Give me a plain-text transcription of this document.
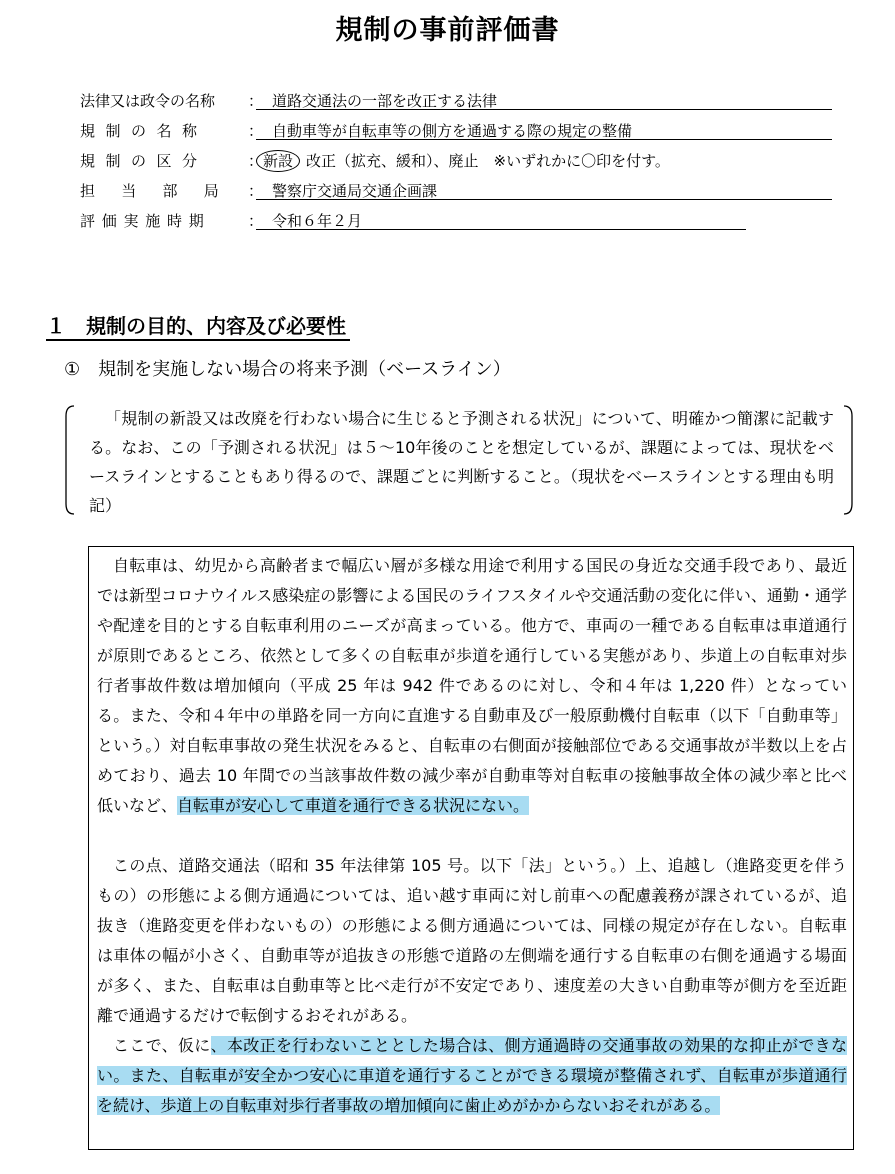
規制の事前評価書
法律又は政令の名称 ： 道路交通法の一部を改正する法律
規制の名称	： 自動車等が自転車等の側方を通過する際の規定の整備
規制の区分	： 新設 改正（拡充、緩和）、廃止　※いずれかに〇印を付す。
担当部局 ： 警察庁交通局交通企画課
評価実施時期 ： 令和６年２月
１　規制の目的、内容及び必要性
①　規制を実施しない場合の将来予測（ベースライン）
「規制の新設又は改廃を行わない場合に生じると予測される状況」について、明確かつ簡潔に記載する。なお、この「予測される状況」は５～10年後のことを想定しているが、課題によっては、現状をベースラインとすることもあり得るので、課題ごとに判断すること。（現状をベースラインとする理由も明記）

自転車は、幼児から高齢者まで幅広い層が多様な用途で利用する国民の身近な交通手段であり、最近では新型コロナウイルス感染症の影響による国民のライフスタイルや交通活動の変化に伴い、通勤・通学や配達を目的とする自転車利用のニーズが高まっている。他方で、車両の一種である自転車は車道通行が原則であるところ、依然として多くの自転車が歩道を通行している実態があり、歩道上の自転車対歩行者事故件数は増加傾向（平成 25 年は 942 件であるのに対し、令和４年は 1,220 件）となっている。また、令和４年中の単路を同一方向に直進する自動車及び一般原動機付自転車（以下「自動車等」という。）対自転車事故の発生状況をみると、自転車の右側面が接触部位である交通事故が半数以上を占めており、過去 10 年間での当該事故件数の減少率が自動車等対自転車の接触事故全体の減少率と比べ低いなど、自転車が安心して車道を通行できる状況にない。

この点、道路交通法（昭和 35 年法律第 105 号。以下「法」という。）上、追越し（進路変更を伴うもの）の形態による側方通過については、追い越す車両に対し前車への配慮義務が課されているが、追抜き（進路変更を伴わないもの）の形態による側方通過については、同様の規定が存在しない。自転車は車体の幅が小さく、自動車等が追抜きの形態で道路の左側端を通行する自転車の右側を通過する場面が多く、また、自転車は自動車等と比べ走行が不安定であり、速度差の大きい自動車等が側方を至近距離で通過するだけで転倒するおそれがある。

ここで、仮に、本改正を行わないこととした場合は、側方通過時の交通事故の効果的な抑止ができない。また、自転車が安全かつ安心に車道を通行することができる環境が整備されず、自転車が歩道通行を続け、歩道上の自転車対歩行者事故の増加傾向に歯止めがかからないおそれがある。
